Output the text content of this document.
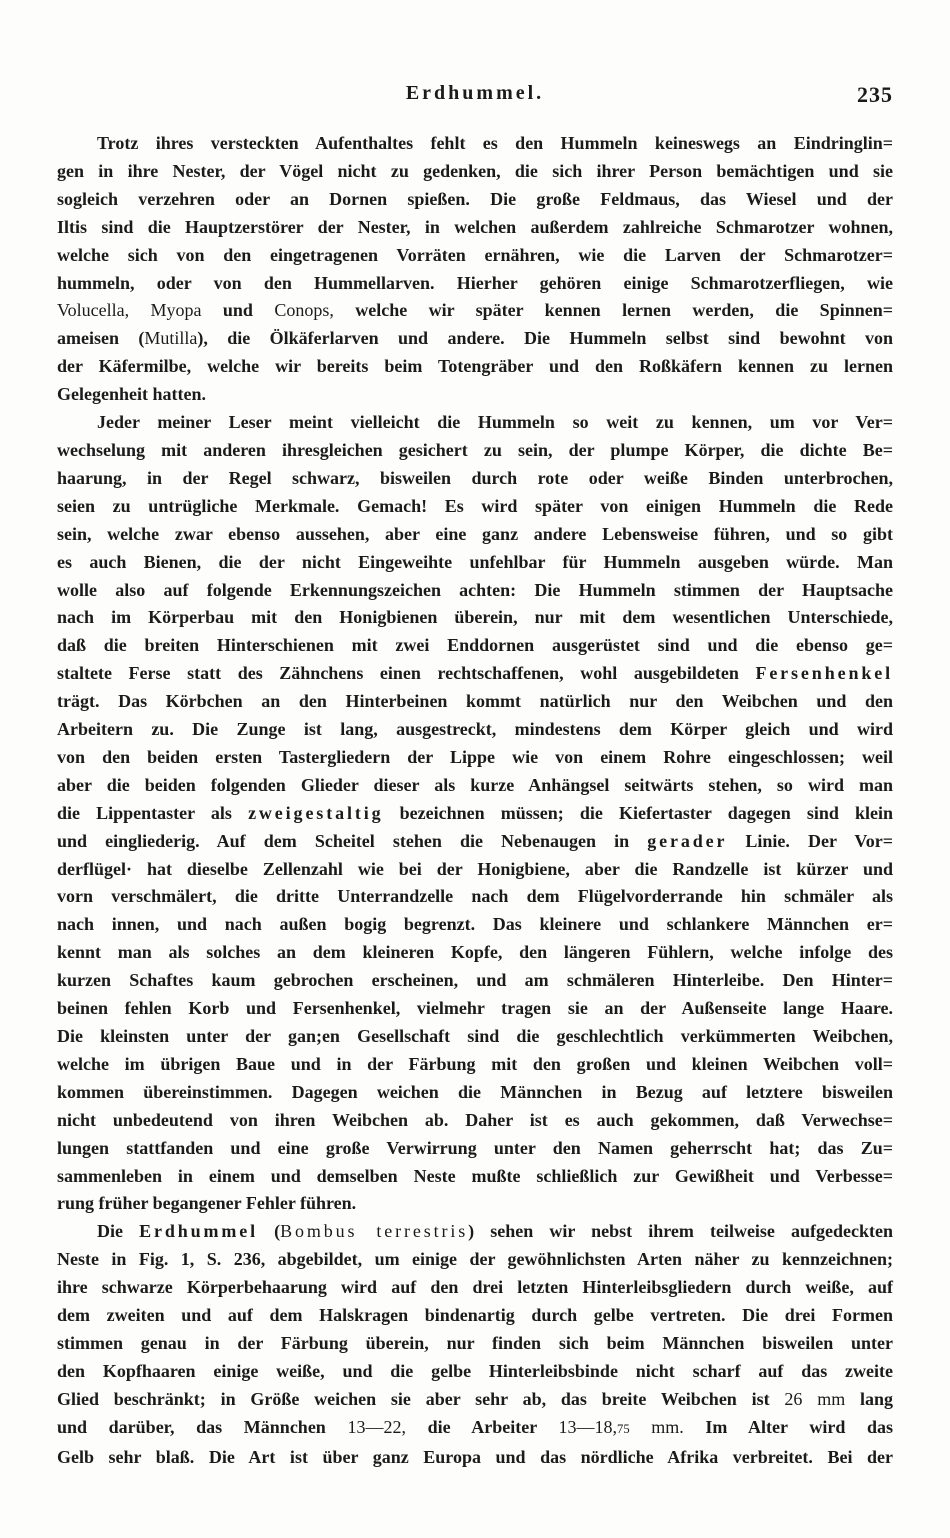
Erdhummel.	235
Trotz ihres versteckten Aufenthaltes fehlt es den Hummeln keineswegs an Eindringlin=
gen in ihre Nester, der Vögel nicht zu gedenken, die sich ihrer Person bemächtigen und sie
sogleich verzehren oder an Dornen spießen. Die große Feldmaus, das Wiesel und der
Iltis sind die Hauptzerstörer der Nester, in welchen außerdem zahlreiche Schmarotzer wohnen,
welche sich von den eingetragenen Vorräten ernähren, wie die Larven der Schmarotzer=
hummeln, oder von den Hummellarven. Hierher gehören einige Schmarotzerfliegen, wie
Volucella, Myopa und Conops, welche wir später kennen lernen werden, die Spinnen=
ameisen (Mutilla), die Ölkäferlarven und andere. Die Hummeln selbst sind bewohnt von
der Käfermilbe, welche wir bereits beim Totengräber und den Roßkäfern kennen zu lernen
Gelegenheit hatten.
Jeder meiner Leser meint vielleicht die Hummeln so weit zu kennen, um vor Ver=
wechselung mit anderen ihresgleichen gesichert zu sein, der plumpe Körper, die dichte Be=
haarung, in der Regel schwarz, bisweilen durch rote oder weiße Binden unterbrochen,
seien zu untrügliche Merkmale. Gemach! Es wird später von einigen Hummeln die Rede
sein, welche zwar ebenso aussehen, aber eine ganz andere Lebensweise führen, und so gibt
es auch Bienen, die der nicht Eingeweihte unfehlbar für Hummeln ausgeben würde. Man
wolle also auf folgende Erkennungszeichen achten: Die Hummeln stimmen der Hauptsache
nach im Körperbau mit den Honigbienen überein, nur mit dem wesentlichen Unterschiede,
daß die breiten Hinterschienen mit zwei Enddornen ausgerüstet sind und die ebenso ge=
staltete Ferse statt des Zähnchens einen rechtschaffenen, wohl ausgebildeten Fersenhenkel
trägt. Das Körbchen an den Hinterbeinen kommt natürlich nur den Weibchen und den
Arbeitern zu. Die Zunge ist lang, ausgestreckt, mindestens dem Körper gleich und wird
von den beiden ersten Tastergliedern der Lippe wie von einem Rohre eingeschlossen; weil
aber die beiden folgenden Glieder dieser als kurze Anhängsel seitwärts stehen, so wird man
die Lippentaster als zweigestaltig bezeichnen müssen; die Kiefertaster dagegen sind klein
und eingliederig. Auf dem Scheitel stehen die Nebenaugen in gerader Linie. Der Vor=
derflügel· hat dieselbe Zellenzahl wie bei der Honigbiene, aber die Randzelle ist kürzer und
vorn verschmälert, die dritte Unterrandzelle nach dem Flügelvorderrande hin schmäler als
nach innen, und nach außen bogig begrenzt. Das kleinere und schlankere Männchen er=
kennt man als solches an dem kleineren Kopfe, den längeren Fühlern, welche infolge des
kurzen Schaftes kaum gebrochen erscheinen, und am schmäleren Hinterleibe. Den Hinter=
beinen fehlen Korb und Fersenhenkel, vielmehr tragen sie an der Außenseite lange Haare.
Die kleinsten unter der gan;en Gesellschaft sind die geschlechtlich verkümmerten Weibchen,
welche im übrigen Baue und in der Färbung mit den großen und kleinen Weibchen voll=
kommen übereinstimmen. Dagegen weichen die Männchen in Bezug auf letztere bisweilen
nicht unbedeutend von ihren Weibchen ab. Daher ist es auch gekommen, daß Verwechse=
lungen stattfanden und eine große Verwirrung unter den Namen geherrscht hat; das Zu=
sammenleben in einem und demselben Neste mußte schließlich zur Gewißheit und Verbesse=
rung früher begangener Fehler führen.
Die Erdhummel (Bombus terrestris) sehen wir nebst ihrem teilweise aufgedeckten
Neste in Fig. 1, S. 236, abgebildet, um einige der gewöhnlichsten Arten näher zu kennzeichnen;
ihre schwarze Körperbehaarung wird auf den drei letzten Hinterleibsgliedern durch weiße, auf
dem zweiten und auf dem Halskragen bindenartig durch gelbe vertreten. Die drei Formen
stimmen genau in der Färbung überein, nur finden sich beim Männchen bisweilen unter
den Kopfhaaren einige weiße, und die gelbe Hinterleibsbinde nicht scharf auf das zweite
Glied beschränkt; in Größe weichen sie aber sehr ab, das breite Weibchen ist 26 mm lang
und darüber, das Männchen 13—22, die Arbeiter 13—18,75 mm. Im Alter wird das
Gelb sehr blaß. Die Art ist über ganz Europa und das nördliche Afrika verbreitet. Bei der
